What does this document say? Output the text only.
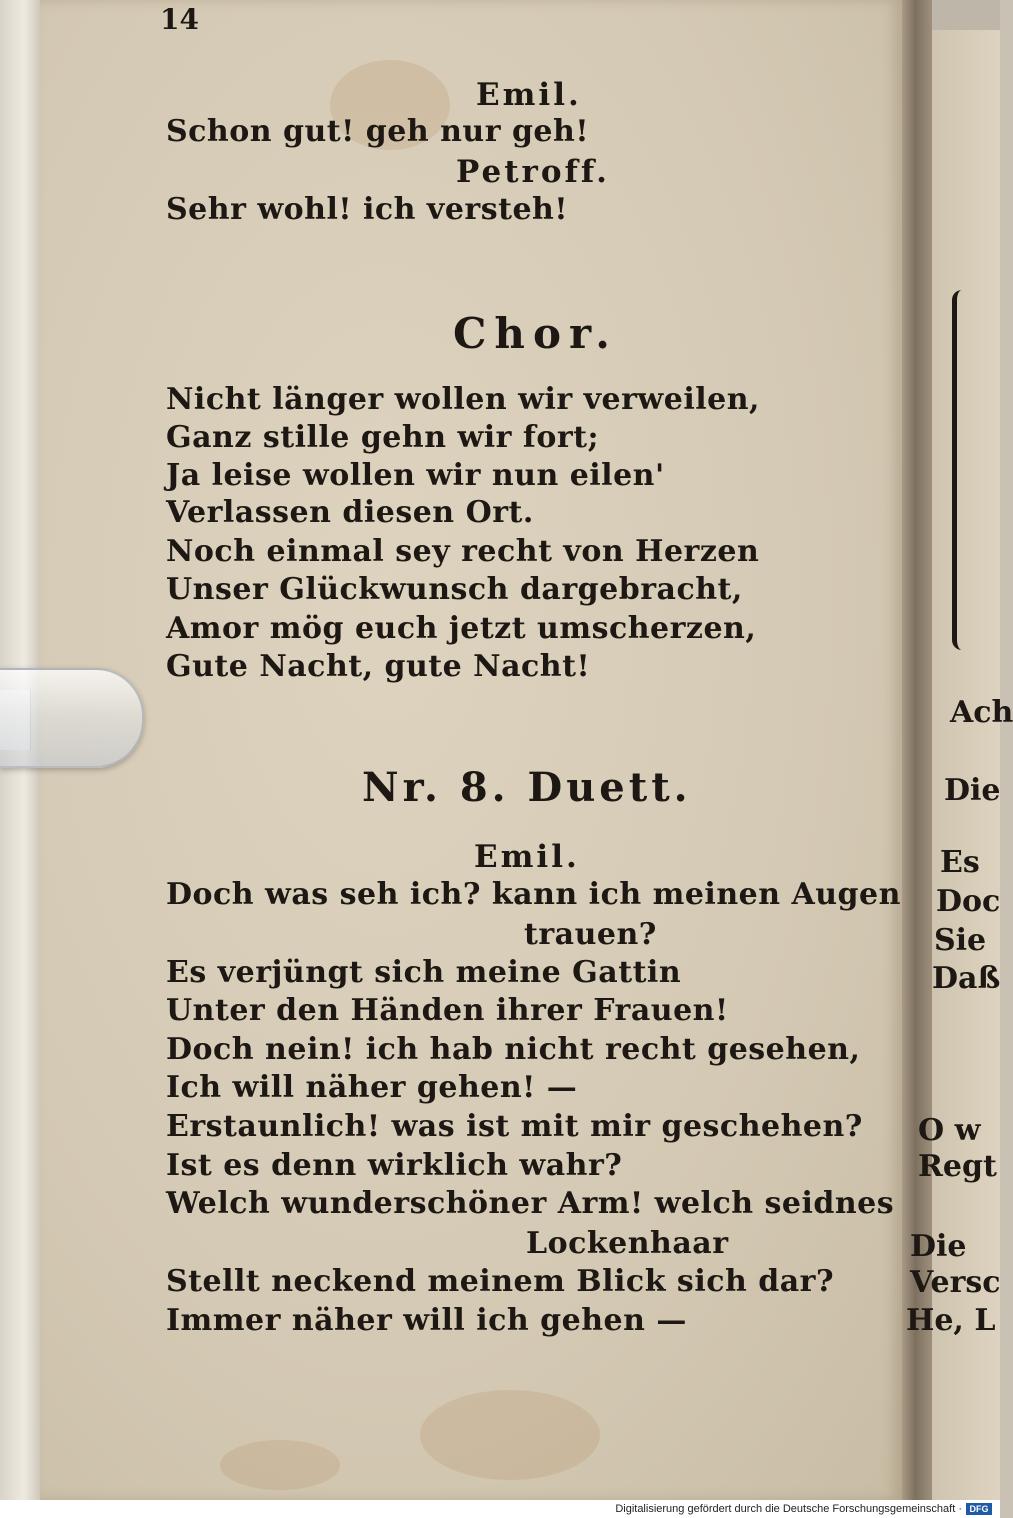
14
Emil.
Schon gut! geh nur geh!
Petroff.
Sehr wohl! ich versteh!
Chor.
Nicht länger wollen wir verweilen,
Ganz stille gehn wir fort;
Ja leise wollen wir nun eilen'
Verlassen diesen Ort.
Noch einmal sey recht von Herzen
Unser Glückwunsch dargebracht,
Amor mög euch jetzt umscherzen,
Gute Nacht, gute Nacht!
Nr. 8. Duett.
Emil.
Doch was seh ich? kann ich meinen Augen
trauen?
Es verjüngt sich meine Gattin
Unter den Händen ihrer Frauen!
Doch nein! ich hab nicht recht gesehen,
Ich will näher gehen! —
Erstaunlich! was ist mit mir geschehen?
Ist es denn wirklich wahr?
Welch wunderschöner Arm! welch seidnes
Lockenhaar
Stellt neckend meinem Blick sich dar?
Immer näher will ich gehen —
Ach
Die
Es
Doc
Sie
Daß
O w
Regt
Die
Versc
He, L
Digitalisierung gefördert durch die Deutsche Forschungsgemeinschaft · DFG
